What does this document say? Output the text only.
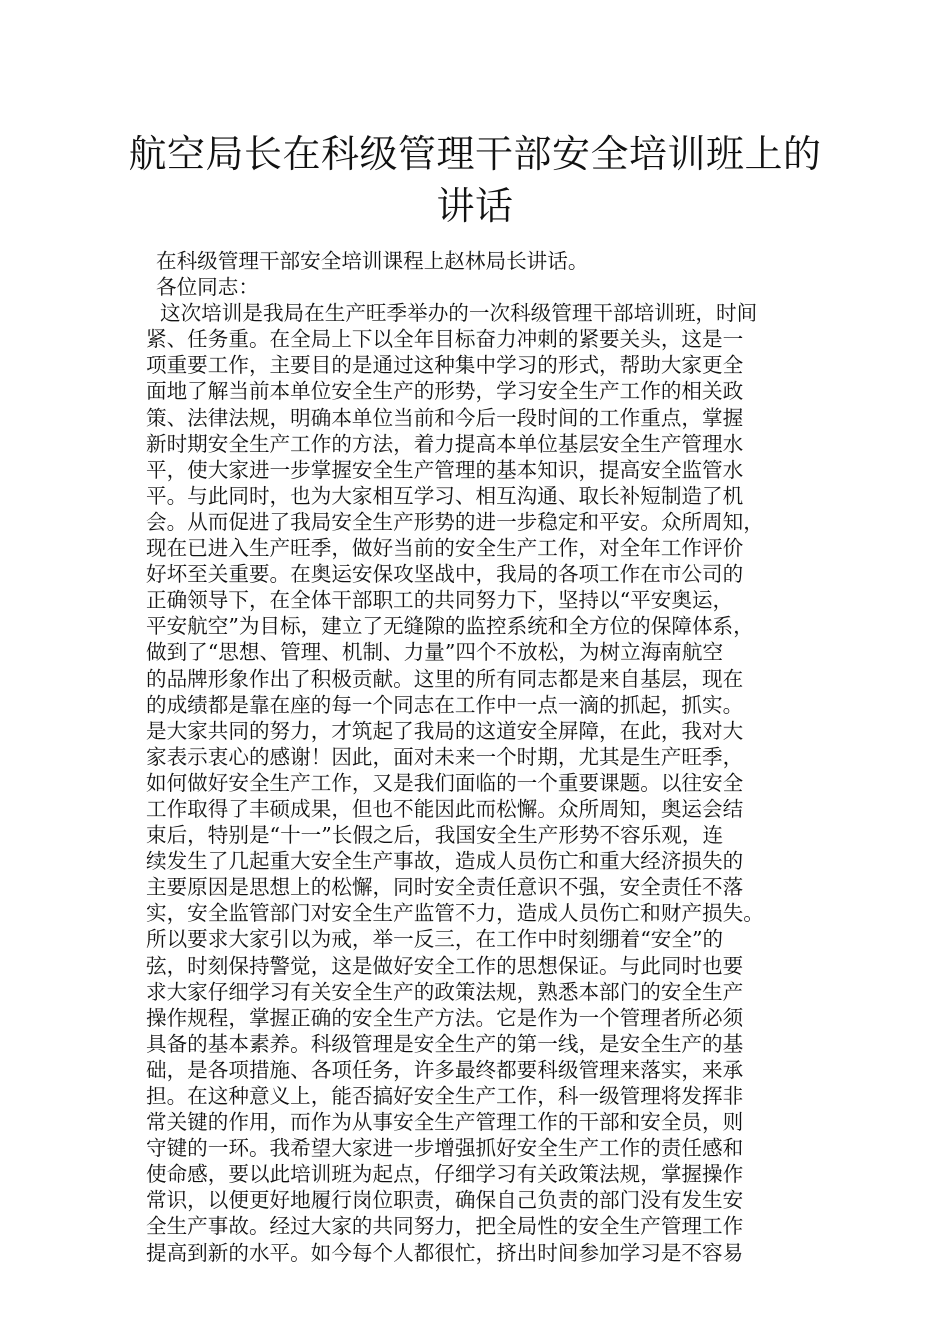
航空局长在科级管理干部安全培训班上的
讲话
在科级管理干部安全培训课程上赵林局长讲话。
各位同志：
这次培训是我局在生产旺季举办的一次科级管理干部培训班，时间
紧、任务重。在全局上下以全年目标奋力冲刺的紧要关头，这是一
项重要工作，主要目的是通过这种集中学习的形式，帮助大家更全
面地了解当前本单位安全生产的形势，学习安全生产工作的相关政
策、法律法规，明确本单位当前和今后一段时间的工作重点，掌握
新时期安全生产工作的方法，着力提高本单位基层安全生产管理水
平，使大家进一步掌握安全生产管理的基本知识，提高安全监管水
平。与此同时，也为大家相互学习、相互沟通、取长补短制造了机
会。从而促进了我局安全生产形势的进一步稳定和平安。众所周知，
现在已进入生产旺季，做好当前的安全生产工作，对全年工作评价
好坏至关重要。在奥运安保攻坚战中，我局的各项工作在市公司的
正确领导下，在全体干部职工的共同努力下，坚持以“平安奥运，
平安航空”为目标，建立了无缝隙的监控系统和全方位的保障体系，
做到了“思想、管理、机制、力量”四个不放松，为树立海南航空
的品牌形象作出了积极贡献。这里的所有同志都是来自基层，现在
的成绩都是靠在座的每一个同志在工作中一点一滴的抓起，抓实。
是大家共同的努力，才筑起了我局的这道安全屏障，在此，我对大
家表示衷心的感谢！因此，面对未来一个时期，尤其是生产旺季，
如何做好安全生产工作，又是我们面临的一个重要课题。以往安全
工作取得了丰硕成果，但也不能因此而松懈。众所周知，奥运会结
束后，特别是“十一”长假之后，我国安全生产形势不容乐观，连
续发生了几起重大安全生产事故，造成人员伤亡和重大经济损失的
主要原因是思想上的松懈，同时安全责任意识不强，安全责任不落
实，安全监管部门对安全生产监管不力，造成人员伤亡和财产损失。
所以要求大家引以为戒，举一反三，在工作中时刻绷着“安全”的
弦，时刻保持警觉，这是做好安全工作的思想保证。与此同时也要
求大家仔细学习有关安全生产的政策法规，熟悉本部门的安全生产
操作规程，掌握正确的安全生产方法。它是作为一个管理者所必须
具备的基本素养。科级管理是安全生产的第一线，是安全生产的基
础，是各项措施、各项任务，许多最终都要科级管理来落实，来承
担。在这种意义上，能否搞好安全生产工作，科一级管理将发挥非
常关键的作用，而作为从事安全生产管理工作的干部和安全员，则
守键的一环。我希望大家进一步增强抓好安全生产工作的责任感和
使命感，要以此培训班为起点，仔细学习有关政策法规，掌握操作
常识，以便更好地履行岗位职责，确保自己负责的部门没有发生安
全生产事故。经过大家的共同努力，把全局性的安全生产管理工作
提高到新的水平。如今每个人都很忙，挤出时间参加学习是不容易
